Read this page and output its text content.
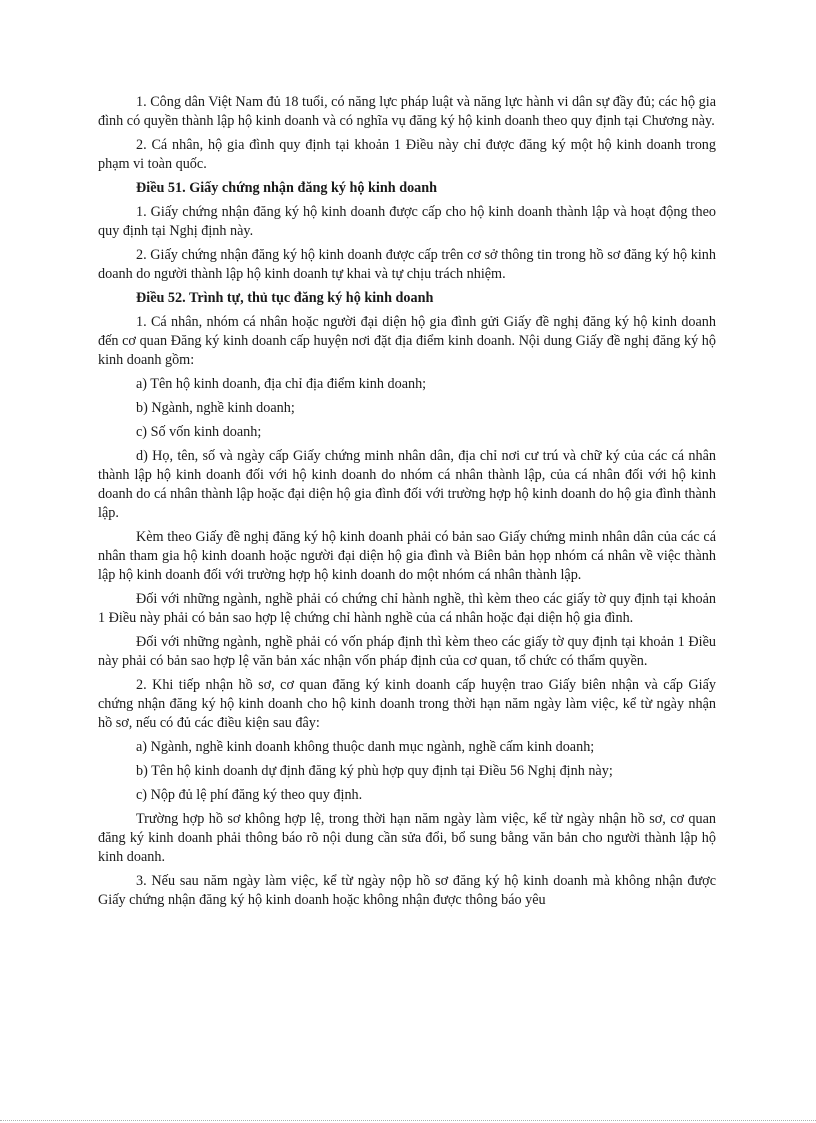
1. Công dân Việt Nam đủ 18 tuổi, có năng lực pháp luật và năng lực hành vi dân sự đầy đủ; các hộ gia đình có quyền thành lập hộ kinh doanh và có nghĩa vụ đăng ký hộ kinh doanh theo quy định tại Chương này.

2. Cá nhân, hộ gia đình quy định tại khoản 1 Điều này chỉ được đăng ký một hộ kinh doanh trong phạm vi toàn quốc.

Điều 51. Giấy chứng nhận đăng ký hộ kinh doanh

1. Giấy chứng nhận đăng ký hộ kinh doanh được cấp cho hộ kinh doanh thành lập và hoạt động theo quy định tại Nghị định này.

2. Giấy chứng nhận đăng ký hộ kinh doanh được cấp trên cơ sở thông tin trong hồ sơ đăng ký hộ kinh doanh do người thành lập hộ kinh doanh tự khai và tự chịu trách nhiệm.

Điều 52. Trình tự, thủ tục đăng ký hộ kinh doanh

1. Cá nhân, nhóm cá nhân hoặc người đại diện hộ gia đình gửi Giấy đề nghị đăng ký hộ kinh doanh đến cơ quan Đăng ký kinh doanh cấp huyện nơi đặt địa điểm kinh doanh. Nội dung Giấy đề nghị đăng ký hộ kinh doanh gồm:

a) Tên hộ kinh doanh, địa chỉ địa điểm kinh doanh;

b) Ngành, nghề kinh doanh;

c) Số vốn kinh doanh;

d) Họ, tên, số và ngày cấp Giấy chứng minh nhân dân, địa chỉ nơi cư trú và chữ ký của các cá nhân thành lập hộ kinh doanh đối với hộ kinh doanh do nhóm cá nhân thành lập, của cá nhân đối với hộ kinh doanh do cá nhân thành lập hoặc đại diện hộ gia đình đối với trường hợp hộ kinh doanh do hộ gia đình thành lập.

Kèm theo Giấy đề nghị đăng ký hộ kinh doanh phải có bản sao Giấy chứng minh nhân dân của các cá nhân tham gia hộ kinh doanh hoặc người đại diện hộ gia đình và Biên bản họp nhóm cá nhân về việc thành lập hộ kinh doanh đối với trường hợp hộ kinh doanh do một nhóm cá nhân thành lập.

Đối với những ngành, nghề phải có chứng chỉ hành nghề, thì kèm theo các giấy tờ quy định tại khoản 1 Điều này phải có bản sao hợp lệ chứng chỉ hành nghề của cá nhân hoặc đại diện hộ gia đình.

Đối với những ngành, nghề phải có vốn pháp định thì kèm theo các giấy tờ quy định tại khoản 1 Điều này phải có bản sao hợp lệ văn bản xác nhận vốn pháp định của cơ quan, tổ chức có thẩm quyền.

2. Khi tiếp nhận hồ sơ, cơ quan đăng ký kinh doanh cấp huyện trao Giấy biên nhận và cấp Giấy chứng nhận đăng ký hộ kinh doanh cho hộ kinh doanh trong thời hạn năm ngày làm việc, kể từ ngày nhận hồ sơ, nếu có đủ các điều kiện sau đây:

a) Ngành, nghề kinh doanh không thuộc danh mục ngành, nghề cấm kinh doanh;

b) Tên hộ kinh doanh dự định đăng ký phù hợp quy định tại Điều 56 Nghị định này;

c) Nộp đủ lệ phí đăng ký theo quy định.

Trường hợp hồ sơ không hợp lệ, trong thời hạn năm ngày làm việc, kể từ ngày nhận hồ sơ, cơ quan đăng ký kinh doanh phải thông báo rõ nội dung cần sửa đổi, bổ sung bằng văn bản cho người thành lập hộ kinh doanh.

3. Nếu sau năm ngày làm việc, kể từ ngày nộp hồ sơ đăng ký hộ kinh doanh mà không nhận được Giấy chứng nhận đăng ký hộ kinh doanh hoặc không nhận được thông báo yêu
